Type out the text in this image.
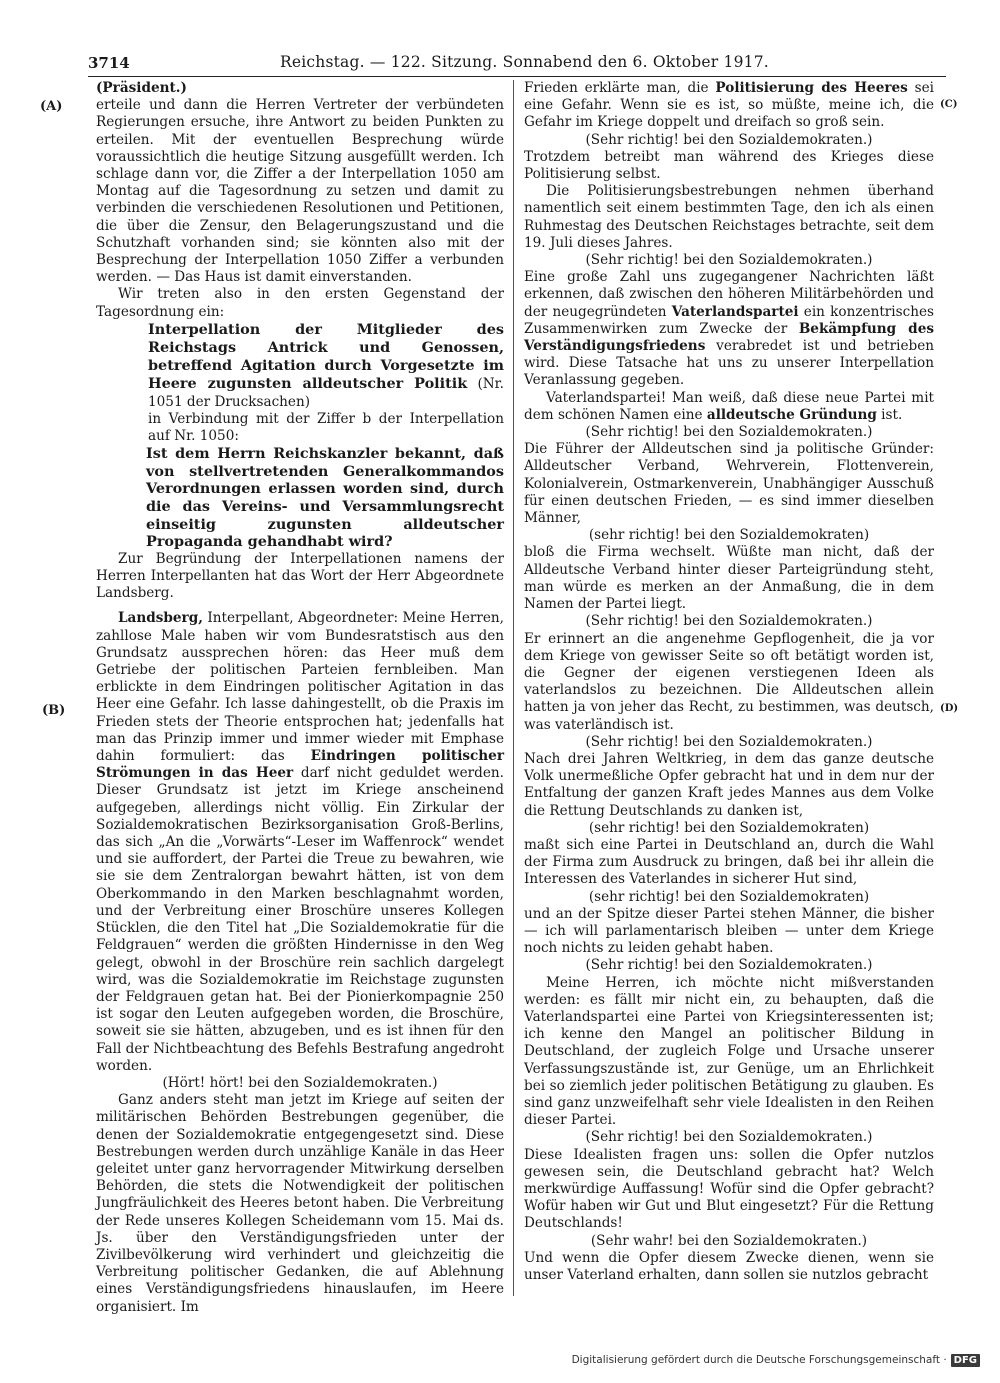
3714	Reichstag. — 122. Sitzung. Sonnabend den 6. Oktober 1917.
(A)
(B)
(C)
(D)

(Präsident.)

erteile und dann die Herren Vertreter der verbündeten Regierungen ersuche, ihre Antwort zu beiden Punkten zu erteilen. Mit der eventuellen Besprechung würde voraussichtlich die heutige Sitzung ausgefüllt werden. Ich schlage dann vor, die Ziffer a der Interpellation 1050 am Montag auf die Tagesordnung zu setzen und damit zu verbinden die verschiedenen Resolutionen und Petitionen, die über die Zensur, den Belagerungszustand und die Schutzhaft vorhanden sind; sie könnten also mit der Besprechung der Interpellation 1050 Ziffer a verbunden werden. — Das Haus ist damit einverstanden.

Wir treten also in den ersten Gegenstand der Tagesordnung ein:

Interpellation der Mitglieder des Reichstags Antrick und Genossen, betreffend Agitation durch Vorgesetzte im Heere zugunsten alldeutscher Politik (Nr. 1051 der Drucksachen)

in Verbindung mit der Ziffer b der Interpellation auf Nr. 1050:

Ist dem Herrn Reichskanzler bekannt, daß von stellvertretenden Generalkommandos Verordnungen erlassen worden sind, durch die das Vereins- und Versammlungsrecht einseitig zugunsten alldeutscher Propaganda gehandhabt wird?

Zur Begründung der Interpellationen namens der Herren Interpellanten hat das Wort der Herr Abgeordnete Landsberg.

Landsberg, Interpellant, Abgeordneter: Meine Herren, zahllose Male haben wir vom Bundesratstisch aus den Grundsatz aussprechen hören: das Heer muß dem Getriebe der politischen Parteien fernbleiben. Man erblickte in dem Eindringen politischer Agitation in das Heer eine Gefahr. Ich lasse dahingestellt, ob die Praxis im Frieden stets der Theorie entsprochen hat; jedenfalls hat man das Prinzip immer und immer wieder mit Emphase dahin formuliert: das Eindringen politischer Strömungen in das Heer darf nicht geduldet werden. Dieser Grundsatz ist jetzt im Kriege anscheinend aufgegeben, allerdings nicht völlig. Ein Zirkular der Sozialdemokratischen Bezirksorganisation Groß-Berlins, das sich „An die „Vorwärts“-Leser im Waffenrock“ wendet und sie auffordert, der Partei die Treue zu bewahren, wie sie sie dem Zentralorgan bewahrt hätten, ist von dem Oberkommando in den Marken beschlagnahmt worden, und der Verbreitung einer Broschüre unseres Kollegen Stücklen, die den Titel hat „Die Sozialdemokratie für die Feldgrauen“ werden die größten Hindernisse in den Weg gelegt, obwohl in der Broschüre rein sachlich dargelegt wird, was die Sozialdemokratie im Reichstage zugunsten der Feldgrauen getan hat. Bei der Pionierkompagnie 250 ist sogar den Leuten aufgegeben worden, die Broschüre, soweit sie sie hätten, abzugeben, und es ist ihnen für den Fall der Nichtbeachtung des Befehls Bestrafung angedroht worden.

(Hört! hört! bei den Sozialdemokraten.)

Ganz anders steht man jetzt im Kriege auf seiten der militärischen Behörden Bestrebungen gegenüber, die denen der Sozialdemokratie entgegengesetzt sind. Diese Bestrebungen werden durch unzählige Kanäle in das Heer geleitet unter ganz hervorragender Mitwirkung derselben Behörden, die stets die Notwendigkeit der politischen Jungfräulichkeit des Heeres betont haben. Die Verbreitung der Rede unseres Kollegen Scheidemann vom 15. Mai ds. Js. über den Verständigungsfrieden unter der Zivilbevölkerung wird verhindert und gleichzeitig die Verbreitung politischer Gedanken, die auf Ablehnung eines Verständigungsfriedens hinauslaufen, im Heere organisiert. Im

Frieden erklärte man, die Politisierung des Heeres sei eine Gefahr. Wenn sie es ist, so müßte, meine ich, die Gefahr im Kriege doppelt und dreifach so groß sein.

(Sehr richtig! bei den Sozialdemokraten.)

Trotzdem betreibt man während des Krieges diese Politisierung selbst.

Die Politisierungsbestrebungen nehmen überhand namentlich seit einem bestimmten Tage, den ich als einen Ruhmestag des Deutschen Reichstages betrachte, seit dem 19. Juli dieses Jahres.

(Sehr richtig! bei den Sozialdemokraten.)

Eine große Zahl uns zugegangener Nachrichten läßt erkennen, daß zwischen den höheren Militärbehörden und der neugegründeten Vaterlandspartei ein konzentrisches Zusammenwirken zum Zwecke der Bekämpfung des Verständigungsfriedens verabredet ist und betrieben wird. Diese Tatsache hat uns zu unserer Interpellation Veranlassung gegeben.

Vaterlandspartei! Man weiß, daß diese neue Partei mit dem schönen Namen eine alldeutsche Gründung ist.

(Sehr richtig! bei den Sozialdemokraten.)

Die Führer der Alldeutschen sind ja politische Gründer: Alldeutscher Verband, Wehrverein, Flottenverein, Kolonialverein, Ostmarkenverein, Unabhängiger Ausschuß für einen deutschen Frieden, — es sind immer dieselben Männer,

(sehr richtig! bei den Sozialdemokraten)

bloß die Firma wechselt. Wüßte man nicht, daß der Alldeutsche Verband hinter dieser Parteigründung steht, man würde es merken an der Anmaßung, die in dem Namen der Partei liegt.

(Sehr richtig! bei den Sozialdemokraten.)

Er erinnert an die angenehme Gepflogenheit, die ja vor dem Kriege von gewisser Seite so oft betätigt worden ist, die Gegner der eigenen verstiegenen Ideen als vaterlandslos zu bezeichnen. Die Alldeutschen allein hatten ja von jeher das Recht, zu bestimmen, was deutsch, was vaterländisch ist.

(Sehr richtig! bei den Sozialdemokraten.)

Nach drei Jahren Weltkrieg, in dem das ganze deutsche Volk unermeßliche Opfer gebracht hat und in dem nur der Entfaltung der ganzen Kraft jedes Mannes aus dem Volke die Rettung Deutschlands zu danken ist,

(sehr richtig! bei den Sozialdemokraten)

maßt sich eine Partei in Deutschland an, durch die Wahl der Firma zum Ausdruck zu bringen, daß bei ihr allein die Interessen des Vaterlandes in sicherer Hut sind,

(sehr richtig! bei den Sozialdemokraten)

und an der Spitze dieser Partei stehen Männer, die bisher — ich will parlamentarisch bleiben — unter dem Kriege noch nichts zu leiden gehabt haben.

(Sehr richtig! bei den Sozialdemokraten.)

Meine Herren, ich möchte nicht mißverstanden werden: es fällt mir nicht ein, zu behaupten, daß die Vaterlandspartei eine Partei von Kriegsinteressenten ist; ich kenne den Mangel an politischer Bildung in Deutschland, der zugleich Folge und Ursache unserer Verfassungszustände ist, zur Genüge, um an Ehrlichkeit bei so ziemlich jeder politischen Betätigung zu glauben. Es sind ganz unzweifelhaft sehr viele Idealisten in den Reihen dieser Partei.

(Sehr richtig! bei den Sozialdemokraten.)

Diese Idealisten fragen uns: sollen die Opfer nutzlos gewesen sein, die Deutschland gebracht hat? Welch merkwürdige Auffassung! Wofür sind die Opfer gebracht? Wofür haben wir Gut und Blut eingesetzt? Für die Rettung Deutschlands!

(Sehr wahr! bei den Sozialdemokraten.)

Und wenn die Opfer diesem Zwecke dienen, wenn sie unser Vaterland erhalten, dann sollen sie nutzlos gebracht

Digitalisierung gefördert durch die Deutsche Forschungsgemeinschaft · DFG
